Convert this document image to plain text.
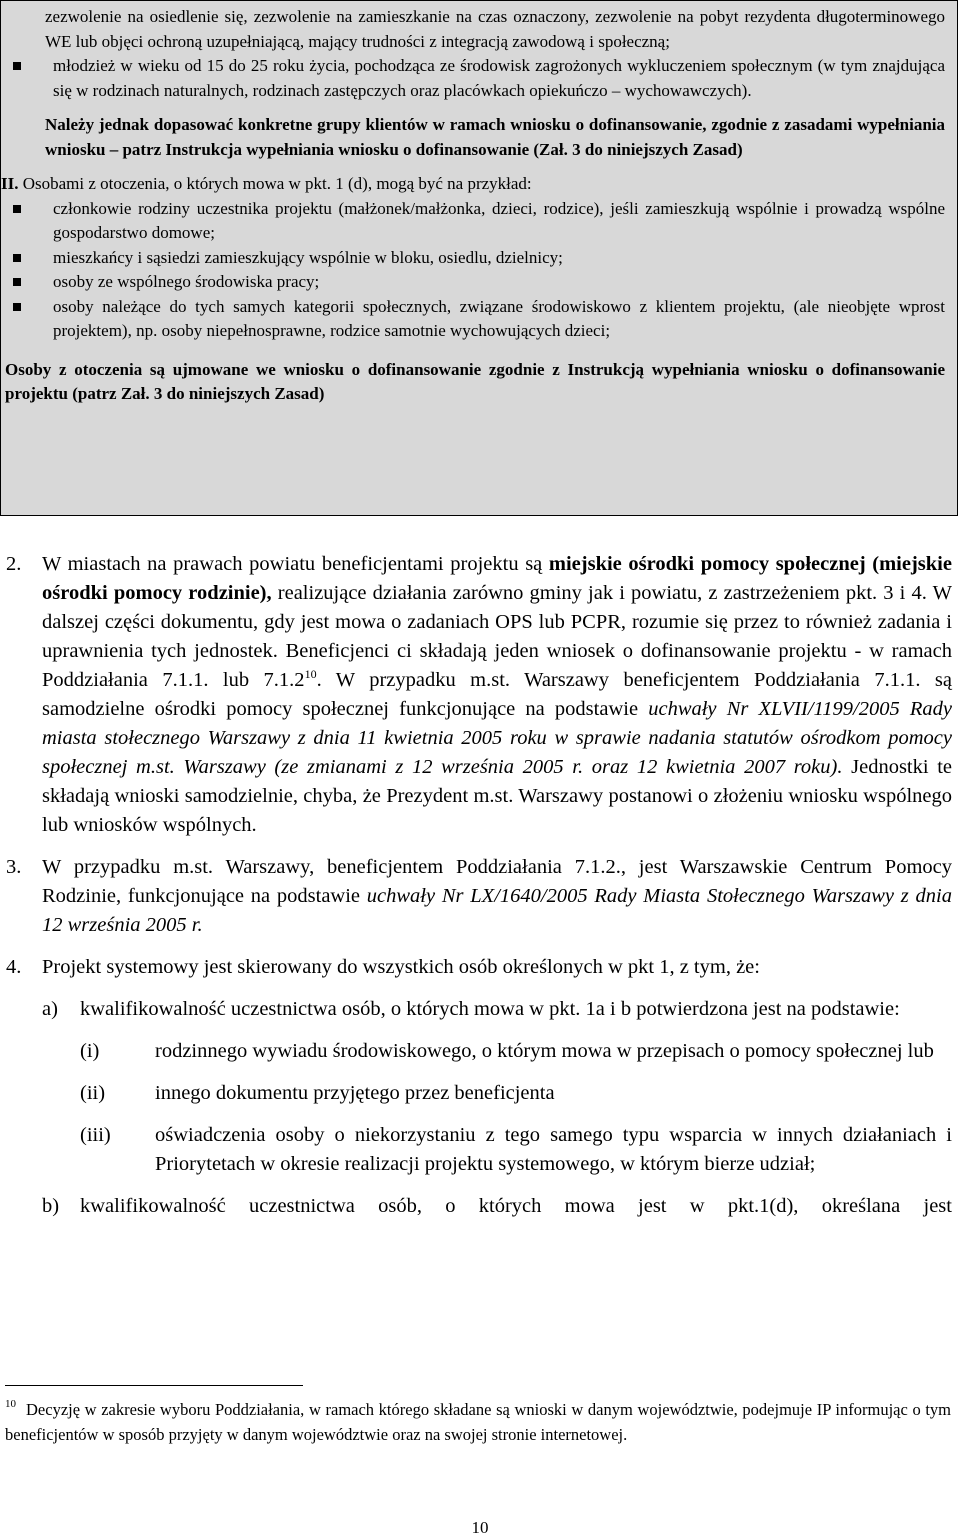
zezwolenie na osiedlenie się, zezwolenie na zamieszkanie na czas oznaczony, zezwolenie na pobyt rezydenta długoterminowego WE lub objęci ochroną uzupełniającą, mający trudności z integracją zawodową i społeczną;
młodzież w wieku od 15 do 25 roku życia, pochodząca ze środowisk zagrożonych wykluczeniem społecznym (w tym znajdująca się w rodzinach naturalnych, rodzinach zastępczych oraz placówkach opiekuńczo – wychowawczych).
Należy jednak dopasować konkretne grupy klientów w ramach wniosku o dofinansowanie, zgodnie z zasadami wypełniania wniosku – patrz Instrukcja wypełniania wniosku o dofinansowanie (Zał. 3 do niniejszych Zasad)
II. Osobami z otoczenia, o których mowa w pkt. 1 (d), mogą być na przykład:
członkowie rodziny uczestnika projektu (małżonek/małżonka, dzieci, rodzice), jeśli zamieszkują wspólnie i prowadzą wspólne gospodarstwo domowe;
mieszkańcy i sąsiedzi zamieszkujący wspólnie w bloku, osiedlu, dzielnicy;
osoby ze wspólnego środowiska pracy;
osoby należące do tych samych kategorii społecznych, związane środowiskowo z klientem projektu, (ale nieobjęte wprost projektem), np. osoby niepełnosprawne, rodzice samotnie wychowujących dzieci;
Osoby z otoczenia są ujmowane we wniosku o dofinansowanie zgodnie z Instrukcją wypełniania wniosku o dofinansowanie projektu (patrz Zał. 3 do niniejszych Zasad)
2. W miastach na prawach powiatu beneficjentami projektu są miejskie ośrodki pomocy społecznej (miejskie ośrodki pomocy rodzinie), realizujące działania zarówno gminy jak i powiatu, z zastrzeżeniem pkt. 3 i 4. W dalszej części dokumentu, gdy jest mowa o zadaniach OPS lub PCPR, rozumie się przez to również zadania i uprawnienia tych jednostek. Beneficjenci ci składają jeden wniosek o dofinansowanie projektu - w ramach Poddziałania 7.1.1. lub 7.1.2$^{10}$. W przypadku m.st. Warszawy beneficjentem Poddziałania 7.1.1. są samodzielne ośrodki pomocy społecznej funkcjonujące na podstawie uchwały Nr XLVII/1199/2005 Rady miasta stołecznego Warszawy z dnia 11 kwietnia 2005 roku w sprawie nadania statutów ośrodkom pomocy społecznej m.st. Warszawy (ze zmianami z 12 września 2005 r. oraz 12 kwietnia 2007 roku). Jednostki te składają wnioski samodzielnie, chyba, że Prezydent m.st. Warszawy postanowi o złożeniu wniosku wspólnego lub wniosków wspólnych.
3. W przypadku m.st. Warszawy, beneficjentem Poddziałania 7.1.2., jest Warszawskie Centrum Pomocy Rodzinie, funkcjonujące na podstawie uchwały Nr LX/1640/2005 Rady Miasta Stołecznego Warszawy z dnia 12 września 2005 r.
4. Projekt systemowy jest skierowany do wszystkich osób określonych w pkt 1, z tym, że:
a) kwalifikowalność uczestnictwa osób, o których mowa w pkt. 1a i b potwierdzona jest na podstawie:
(i)	rodzinnego wywiadu środowiskowego, o którym mowa w przepisach o pomocy społecznej lub
(ii) innego dokumentu przyjętego przez beneficjenta
(iii) oświadczenia osoby o niekorzystaniu z tego samego typu wsparcia w innych działaniach i Priorytetach w okresie realizacji projektu systemowego, w którym bierze udział;
b) kwalifikowalność uczestnictwa osób, o których mowa jest w pkt.1(d), określana jest
$^{10}$ Decyzję w zakresie wyboru Poddziałania, w ramach którego składane są wnioski w danym województwie, podejmuje IP informując o tym beneficjentów w sposób przyjęty w danym województwie oraz na swojej stronie internetowej.
10
